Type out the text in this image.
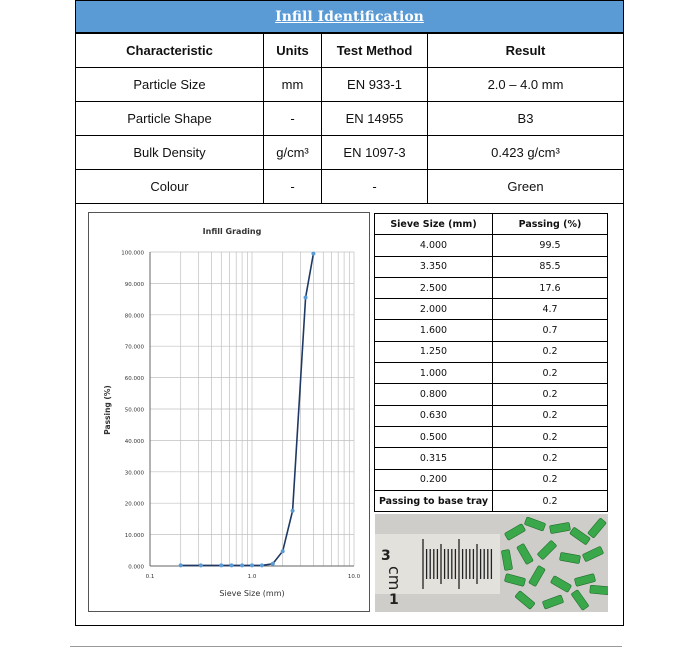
Infill Identification
Characteristic	Units	Test Method	Result
Particle Size	mm	EN 933-1	2.0 – 4.0 mm
Particle Shape	-	EN 14955	B3
Bulk Density	g/cm³	EN 1097-3	0.423 g/cm³
Colour	-	-	Green
0.000
10.000
20.000
30.000
40.000
50.000
60.000
70.000
80.000
90.000
100.000
0.1	1.0	10.0
Infill Grading
Sieve Size (mm)
Passing (%)
Sieve Size (mm)	Passing (%)
4.000	99.5
3.350	85.5
2.500	17.6
2.000	4.7
1.600	0.7
1.250	0.2
1.000	0.2
0.800	0.2
0.630	0.2
0.500	0.2
0.315	0.2
0.200	0.2
Passing to base tray	0.2
cm
3
1
